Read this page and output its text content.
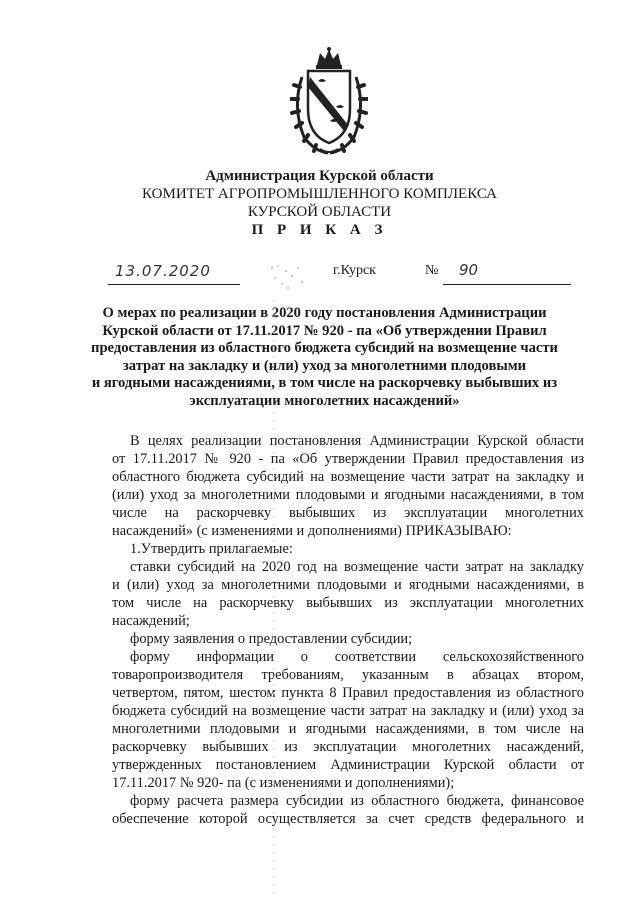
Администрация Курской области
КОМИТЕТ АГРОПРОМЫШЛЕННОГО КОМПЛЕКСА
КУРСКОЙ ОБЛАСТИ
П Р И К А З
13.07.2020	г.Курск	№ 90
О мерах по реализации в 2020 году постановления Администрации
Курской области от 17.11.2017 № 920 - па «Об утверждении Правил
предоставления из областного бюджета субсидий на возмещение части
затрат на закладку и (или) уход за многолетними плодовыми
и ягодными насаждениями, в том числе на раскорчевку выбывших из
эксплуатации многолетних насаждений»
В целях реализации постановления Администрации Курской области
от 17.11.2017 № 920 - па «Об утверждении Правил предоставления из
областного бюджета субсидий на возмещение части затрат на закладку и
(или) уход за многолетними плодовыми и ягодными насаждениями, в том
числе на раскорчевку выбывших из эксплуатации многолетних
насаждений» (с изменениями и дополнениями) ПРИКАЗЫВАЮ:
1.Утвердить прилагаемые:
ставки субсидий на 2020 год на возмещение части затрат на закладку
и (или) уход за многолетними плодовыми и ягодными насаждениями, в
том числе на раскорчевку выбывших из эксплуатации многолетних
насаждений;
форму заявления о предоставлении субсидии;
форму информации о соответствии сельскохозяйственного
товаропроизводителя требованиям, указанным в абзацах втором,
четвертом, пятом, шестом пункта 8 Правил предоставления из областного
бюджета субсидий на возмещение части затрат на закладку и (или) уход за
многолетними плодовыми и ягодными насаждениями, в том числе на
раскорчевку выбывших из эксплуатации многолетних насаждений,
утвержденных постановлением Администрации Курской области от
17.11.2017 № 920- па (с изменениями и дополнениями);
форму расчета размера субсидии из областного бюджета, финансовое
обеспечение которой осуществляется за счет средств федерального и
